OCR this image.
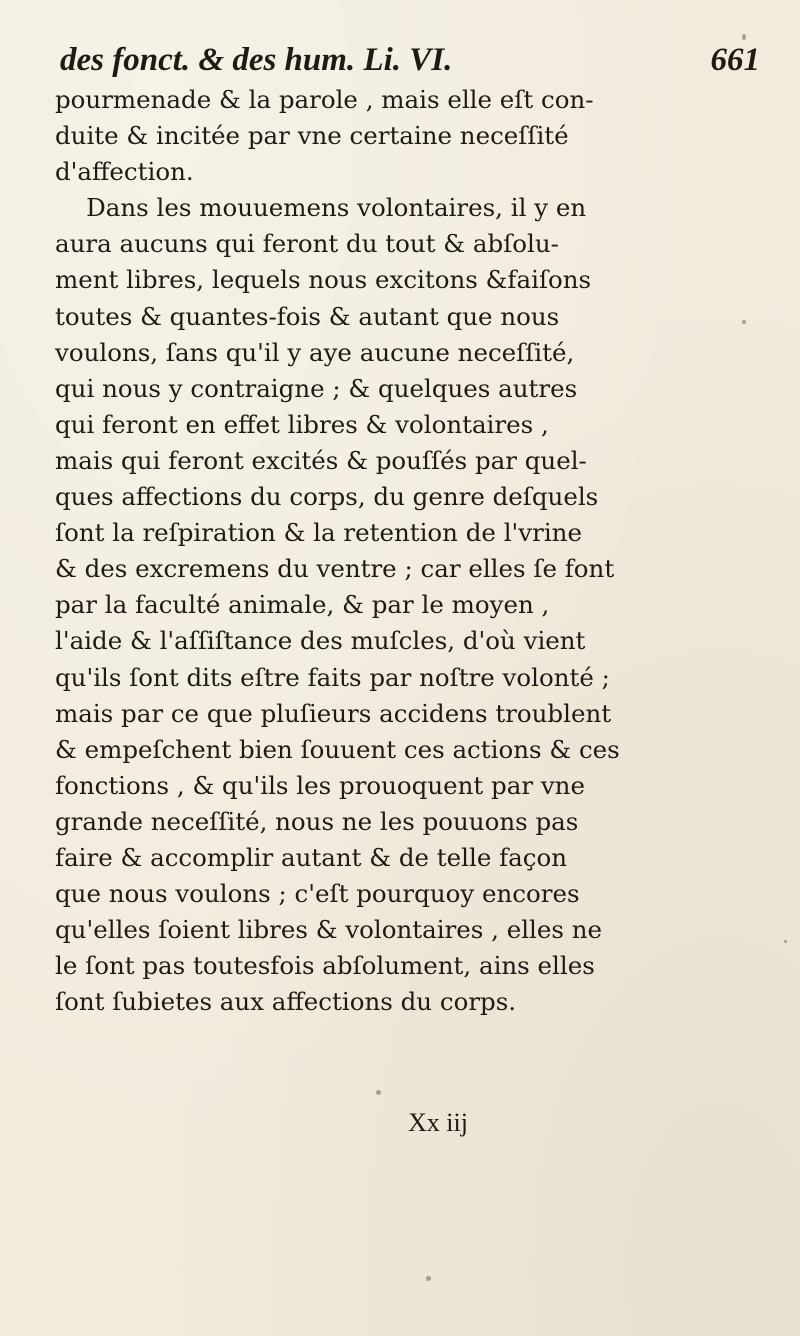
des fonct. & des hum. Li. VI.	661
pourmenade & la parole , mais elle eſt con-
duite & incitée par vne certaine neceſſité
d'affection.
Dans les mouuemens volontaires, il y en
aura aucuns qui feront du tout & abſolu-
ment libres, lequels nous excitons &faiſons
toutes & quantes-fois & autant que nous
voulons, ſans qu'il y aye aucune neceſſité,
qui nous y contraigne ; & quelques autres
qui feront en effet libres & volontaires ,
mais qui feront excités & pouſſés par quel-
ques affections du corps, du genre deſquels
ſont la reſpiration & la retention de l'vrine
& des excremens du ventre ; car elles ſe font
par la faculté animale, & par le moyen ,
l'aide & l'aſſiſtance des muſcles, d'où vient
qu'ils ſont dits eſtre faits par noſtre volonté ;
mais par ce que pluſieurs accidens troublent
& empeſchent bien ſouuent ces actions & ces
fonctions , & qu'ils les prouoquent par vne
grande neceſſité, nous ne les pouuons pas
faire & accomplir autant & de telle façon
que nous voulons ; c'eſt pourquoy encores
qu'elles ſoient libres & volontaires , elles ne
le ſont pas toutesfois abſolument, ains elles
ſont ſubietes aux affections du corps.
Xx iij
